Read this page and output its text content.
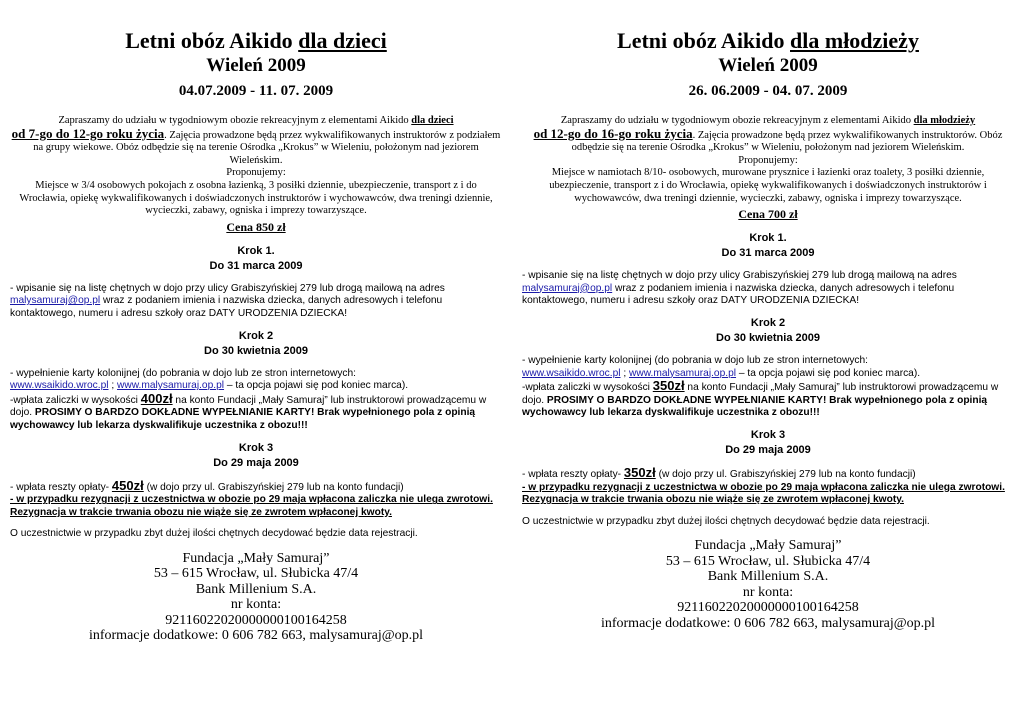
Letni obóz Aikido dla dzieci
Wieleń 2009
04.07.2009 - 11. 07. 2009
Zapraszamy do udziału w tygodniowym obozie rekreacyjnym z elementami Aikido dla dzieci
od 7-go do 12-go roku życia. Zajęcia prowadzone będą przez wykwalifikowanych instruktorów z podziałem na grupy wiekowe. Obóz odbędzie się na terenie Ośrodka „Krokus” w Wieleniu, położonym nad jeziorem Wieleńskim.
Proponujemy:
Miejsce w 3/4 osobowych pokojach z osobna łazienką, 3 posiłki dziennie, ubezpieczenie, transport z i do Wrocławia, opiekę wykwalifikowanych i doświadczonych instruktorów i wychowawców, dwa treningi dziennie, wycieczki, zabawy, ogniska i imprezy towarzyszące.
Cena 850 zł
Krok 1.
Do 31 marca 2009
- wpisanie się na listę chętnych w dojo przy ulicy Grabiszyńskiej 279 lub drogą mailową na adres malysamuraj@op.pl wraz z podaniem imienia i nazwiska dziecka, danych adresowych i telefonu kontaktowego, numeru i adresu szkoły oraz DATY URODZENIA DZIECKA!
Krok 2
Do 30 kwietnia 2009
- wypełnienie karty kolonijnej (do pobrania w dojo lub ze stron internetowych:
www.wsaikido.wroc.pl ; www.malysamuraj.op.pl – ta opcja pojawi się pod koniec marca).
-wpłata zaliczki w wysokości 400zł na konto Fundacji „Mały Samuraj” lub instruktorowi prowadzącemu w dojo. PROSIMY O BARDZO DOKŁADNE WYPEŁNIANIE KARTY! Brak wypełnionego pola z opinią wychowawcy lub lekarza dyskwalifikuje uczestnika z obozu!!!
Krok 3
Do 29 maja 2009
- wpłata reszty opłaty- 450zł (w dojo przy ul. Grabiszyńskiej 279 lub na konto fundacji)
- w przypadku rezygnacji z uczestnictwa w obozie po 29 maja wpłacona zaliczka nie ulega zwrotowi. Rezygnacja w trakcie trwania obozu nie wiąże się ze zwrotem wpłaconej kwoty.
O uczestnictwie w przypadku zbyt dużej ilości chętnych decydować będzie data rejestracji.
Fundacja „Mały Samuraj”
53 – 615 Wrocław, ul. Słubicka 47/4
Bank Millenium S.A.
nr konta:
92116022020000000100164258
informacje dodatkowe: 0 606 782 663, malysamuraj@op.pl
Letni obóz Aikido dla młodzieży
Wieleń 2009
26. 06.2009 - 04. 07. 2009
Zapraszamy do udziału w tygodniowym obozie rekreacyjnym z elementami Aikido dla młodzieży
od 12-go do 16-go roku życia. Zajęcia prowadzone będą przez wykwalifikowanych instruktorów. Obóz odbędzie się na terenie Ośrodka „Krokus” w Wieleniu, położonym nad jeziorem Wieleńskim.
Proponujemy:
Miejsce w namiotach 8/10- osobowych, murowane prysznice i łazienki oraz toalety, 3 posiłki dziennie, ubezpieczenie, transport z i do Wrocławia, opiekę wykwalifikowanych i doświadczonych instruktorów i wychowawców, dwa treningi dziennie, wycieczki, zabawy, ogniska i imprezy towarzyszące.
Cena 700 zł
Krok 1.
Do 31 marca 2009
- wpisanie się na listę chętnych w dojo przy ulicy Grabiszyńskiej 279 lub drogą mailową na adres malysamuraj@op.pl wraz z podaniem imienia i nazwiska dziecka, danych adresowych i telefonu kontaktowego, numeru i adresu szkoły oraz DATY URODZENIA DZIECKA!
Krok 2
Do 30 kwietnia 2009
- wypełnienie karty kolonijnej (do pobrania w dojo lub ze stron internetowych:
www.wsaikido.wroc.pl ; www.malysamuraj.op.pl – ta opcja pojawi się pod koniec marca).
-wpłata zaliczki w wysokości 350zł na konto Fundacji „Mały Samuraj” lub instruktorowi prowadzącemu w dojo. PROSIMY O BARDZO DOKŁADNE WYPEŁNIANIE KARTY! Brak wypełnionego pola z opinią wychowawcy lub lekarza dyskwalifikuje uczestnika z obozu!!!
Krok 3
Do 29 maja 2009
- wpłata reszty opłaty- 350zł (w dojo przy ul. Grabiszyńskiej 279 lub na konto fundacji)
- w przypadku rezygnacji z uczestnictwa w obozie po 29 maja wpłacona zaliczka nie ulega zwrotowi. Rezygnacja w trakcie trwania obozu nie wiąże się ze zwrotem wpłaconej kwoty.
O uczestnictwie w przypadku zbyt dużej ilości chętnych decydować będzie data rejestracji.
Fundacja „Mały Samuraj”
53 – 615 Wrocław, ul. Słubicka 47/4
Bank Millenium S.A.
nr konta:
92116022020000000100164258
informacje dodatkowe: 0 606 782 663, malysamuraj@op.pl
